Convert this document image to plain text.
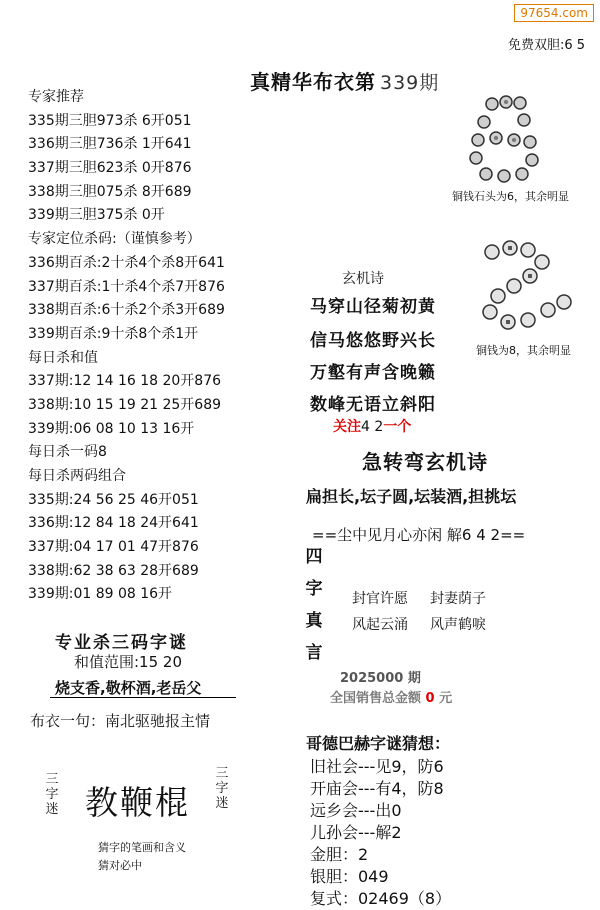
97654.com
免费双胆:6 5
真精华布衣第 339期
专家推荐
335期三胆973杀 6开051
336期三胆736杀 1开641
337期三胆623杀 0开876
338期三胆075杀 8开689
339期三胆375杀 0开
专家定位杀码:（谨慎参考）
336期百杀:2十杀4个杀8开641
337期百杀:1十杀4个杀7开876
338期百杀:6十杀2个杀3开689
339期百杀:9十杀8个杀1开
每日杀和值
337期:12 14 16 18 20开876
338期:10 15 19 21 25开689
339期:06 08 10 13 16开
每日杀一码8
每日杀两码组合
335期:24 56 25 46开051
336期:12 84 18 24开641
337期:04 17 01 47开876
338期:62 38 63 28开689
339期:01 89 08 16开
铜钱石头为6，其余明显
铜钱为8，其余明显
玄机诗
马穿山径菊初黄
信马悠悠野兴长
万壑有声含晚籁
数峰无语立斜阳
关注4 2一个
急转弯玄机诗
扁担长,坛子圆,坛装酒,担挑坛
==尘中见月心亦闲 解6 4 2==
四
字
真
言
封官许愿 封妻荫子
风起云涌 风声鹤唳
2025000 期
全国销售总金额 0 元
哥德巴赫字谜猜想：
旧社会---见9，防6
开庙会---有4，防8
远乡会---出0
儿孙会---解2
金胆：2
银胆：049
复式：02469（8）
专业杀三码字谜
和值范围:15 20
烧支香,敬杯酒,老岳父
布衣一句：南北驱驰报主情
三字迷 教鞭棍
三字迷
猜字的笔画和含义
猜对必中
